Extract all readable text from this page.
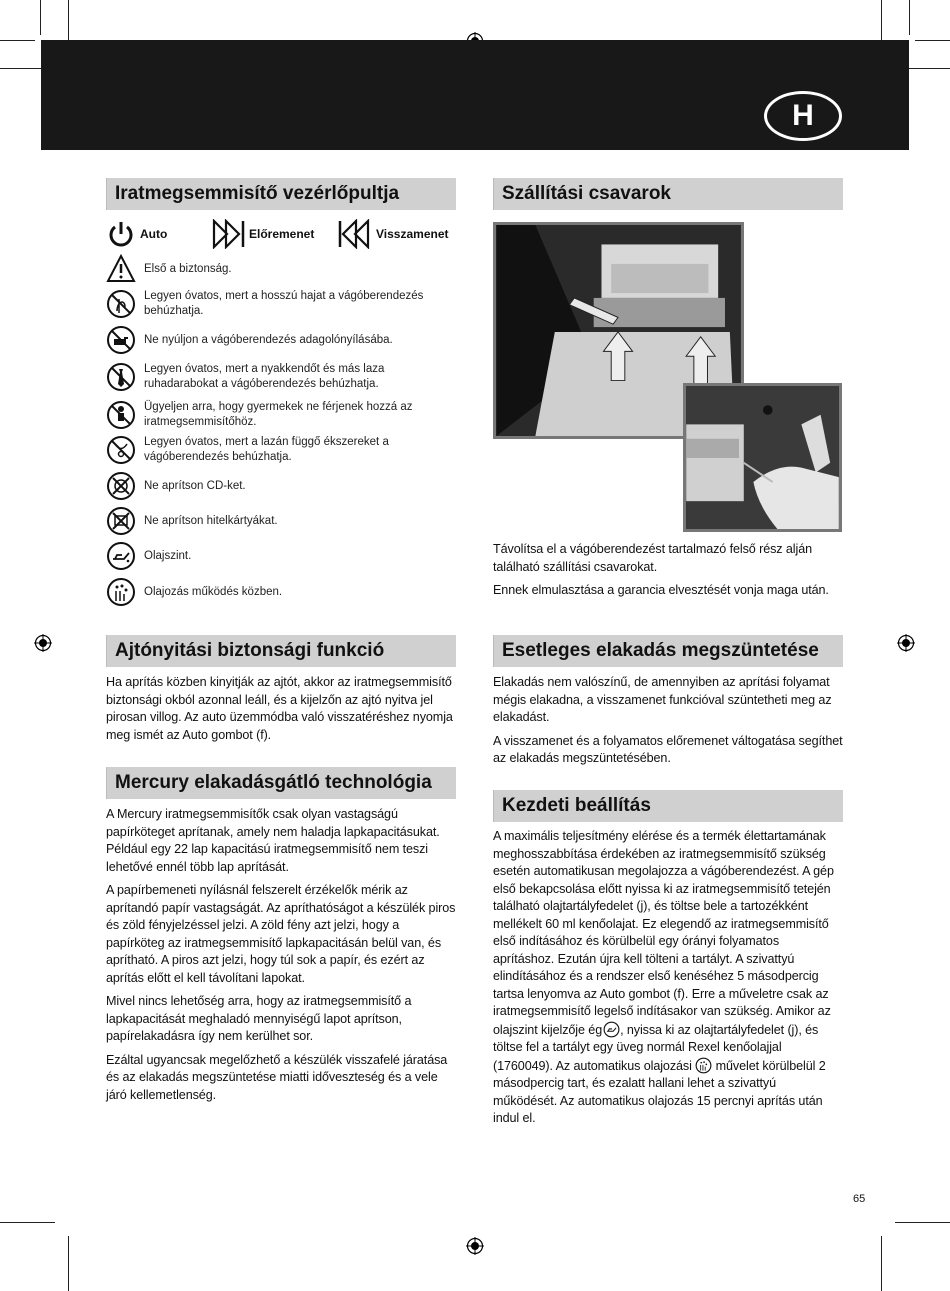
H
Iratmegsemmisítő vezérlőpultja
Auto	Előremenet	Visszamenet
Első a biztonság.
Legyen óvatos, mert a hosszú hajat a vágóberendezés behúzhatja.
Ne nyúljon a vágóberendezés adagolónyílásába.
Legyen óvatos, mert a nyakkendőt és más laza ruhadarabokat a vágóberendezés behúzhatja.
Ügyeljen arra, hogy gyermekek ne férjenek hozzá az iratmegsemmisítőhöz.
Legyen óvatos, mert a lazán függő ékszereket a vágóberendezés behúzhatja.
Ne aprítson CD-ket.
Ne aprítson hitelkártyákat.
Olajszint.
Olajozás működés közben.
Szállítási csavarok

Távolítsa el a vágóberendezést tartalmazó felső rész alján található szállítási csavarokat.

Ennek elmulasztása a garancia elvesztését vonja maga után.

Ajtónyitási biztonsági funkció

Ha aprítás közben kinyitják az ajtót, akkor az iratmegsemmisítő biztonsági okból azonnal leáll, és a kijelzőn az ajtó nyitva jel pirosan villog. Az auto üzemmódba való visszatéréshez nyomja meg ismét az Auto gombot (f).

Esetleges elakadás megszüntetése

Elakadás nem valószínű, de amennyiben az aprítási folyamat mégis elakadna, a visszamenet funkcióval szüntetheti meg az elakadást.

A visszamenet és a folyamatos előremenet váltogatása segíthet az elakadás megszüntetésében.

Mercury elakadásgátló technológia

A Mercury iratmegsemmisítők csak olyan vastagságú papírköteget aprítanak, amely nem haladja lapkapacitásukat. Például egy 22 lap kapacitású iratmegsemmisítő nem teszi lehetővé ennél több lap aprítását.

A papírbemeneti nyílásnál felszerelt érzékelők mérik az aprítandó papír vastagságát. Az apríthatóságot a készülék piros és zöld fényjelzéssel jelzi. A zöld fény azt jelzi, hogy a papírköteg az iratmegsemmisítő lapkapacitásán belül van, és aprítható. A piros azt jelzi, hogy túl sok a papír, és ezért az aprítás előtt el kell távolítani lapokat.

Mivel nincs lehetőség arra, hogy az iratmegsemmisítő a lapkapacitását meghaladó mennyiségű lapot aprítson, papírelakadásra így nem kerülhet sor.

Ezáltal ugyancsak megelőzhető a készülék visszafelé járatása és az elakadás megszüntetése miatti időveszteség és a vele járó kellemetlenség.

Kezdeti beállítás

A maximális teljesítmény elérése és a termék élettartamának meghosszabbítása érdekében az iratmegsemmisítő szükség esetén automatikusan megolajozza a vágóberendezést. A gép első bekapcsolása előtt nyissa ki az iratmegsemmisítő tetején található olajtartályfedelet (j), és töltse bele a tartozékként mellékelt 60 ml kenőolajat. Ez elegendő az iratmegsemmisítő első indításához és körülbelül egy órányi folyamatos aprításhoz. Ezután újra kell tölteni a tartályt. A szivattyú elindításához és a rendszer első kenéséhez 5 másodpercig tartsa lenyomva az Auto gombot (f). Erre a műveletre csak az iratmegsemmisítő legelső indításakor van szükség. Amikor az olajszint kijelzője ég  , nyissa ki az olajtartályfedelet (j), és töltse fel a tartályt egy üveg normál Rexel kenőolajjal (1760049). Az automatikus olajozási művelet körülbelül 2 másodpercig tart, és ezalatt hallani lehet a szivattyú működését. Az automatikus olajozás 15 percnyi aprítás után indul el.

65
